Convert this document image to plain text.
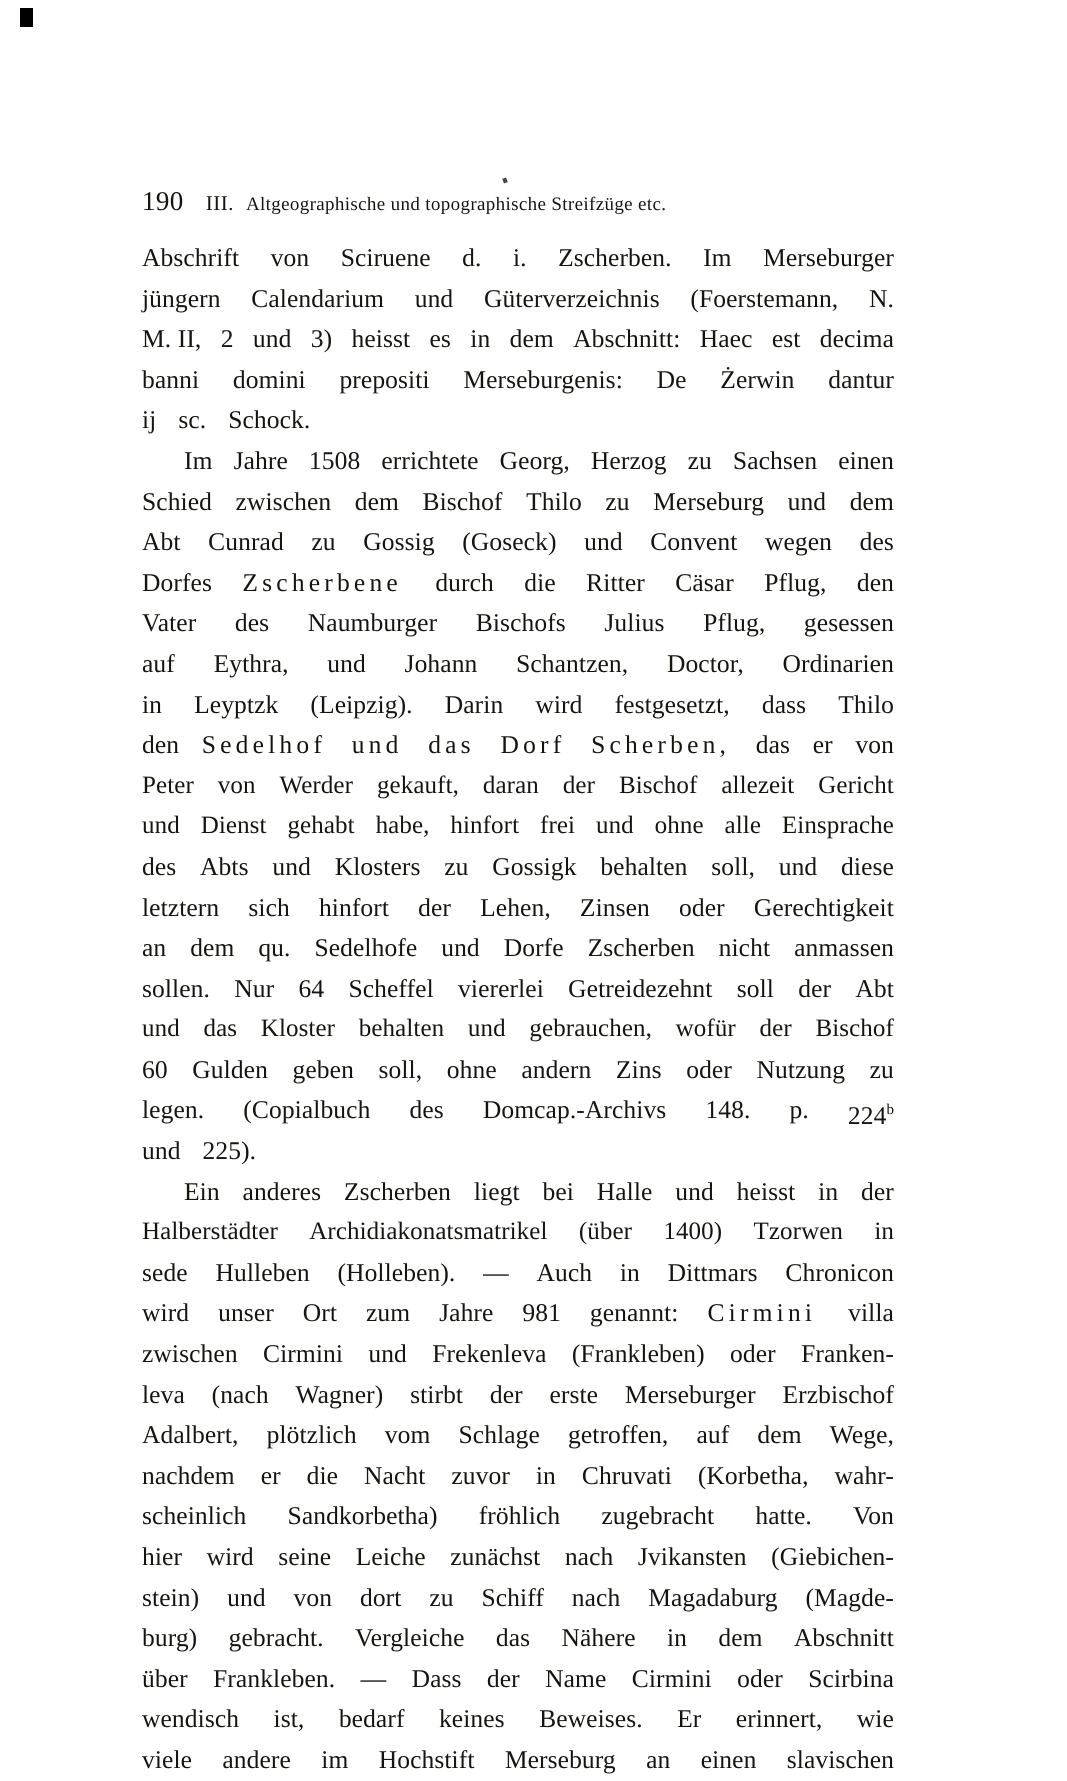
190 III. Altgeographische und topographische Streifzüge etc.
Abschrift von Sciruene d. i. Zscherben. Im Merseburger
jüngern Calendarium und Güterverzeichnis (Foerstemann, N.
M. II, 2 und 3) heisst es in dem Abschnitt: Haec est decima
banni domini prepositi Merseburgenis: De Żerwin dantur
ij sc. Schock.
Im Jahre 1508 errichtete Georg, Herzog zu Sachsen einen
Schied zwischen dem Bischof Thilo zu Merseburg und dem
Abt Cunrad zu Gossig (Goseck) und Convent wegen des
Dorfes Zscherbene durch die Ritter Cäsar Pflug, den
Vater des Naumburger Bischofs Julius Pflug, gesessen
auf Eythra, und Johann Schantzen, Doctor, Ordinarien
in Leyptzk (Leipzig). Darin wird festgesetzt, dass Thilo
den Sedelhof und das Dorf Scherben, das er von
Peter von Werder gekauft, daran der Bischof allezeit Gericht
und Dienst gehabt habe, hinfort frei und ohne alle Einsprache
des Abts und Klosters zu Gossigk behalten soll, und diese
letztern sich hinfort der Lehen, Zinsen oder Gerechtigkeit
an dem qu. Sedelhofe und Dorfe Zscherben nicht anmassen
sollen. Nur 64 Scheffel viererlei Getreidezehnt soll der Abt
und das Kloster behalten und gebrauchen, wofür der Bischof
60 Gulden geben soll, ohne andern Zins oder Nutzung zu
legen. (Copialbuch des Domcap.-Archivs 148. p. 224$^b$
und 225).
Ein anderes Zscherben liegt bei Halle und heisst in der
Halberstädter Archidiakonatsmatrikel (über 1400) Tzorwen in
sede Hulleben (Holleben). — Auch in Dittmars Chronicon
wird unser Ort zum Jahre 981 genannt: Cirmini villa
zwischen Cirmini und Frekenleva (Frankleben) oder Franken-
leva (nach Wagner) stirbt der erste Merseburger Erzbischof
Adalbert, plötzlich vom Schlage getroffen, auf dem Wege,
nachdem er die Nacht zuvor in Chruvati (Korbetha, wahr-
scheinlich Sandkorbetha) fröhlich zugebracht hatte. Von
hier wird seine Leiche zunächst nach Jvikansten (Giebichen-
stein) und von dort zu Schiff nach Magadaburg (Magde-
burg) gebracht. Vergleiche das Nähere in dem Abschnitt
über Frankleben. — Dass der Name Cirmini oder Scirbina
wendisch ist, bedarf keines Beweises. Er erinnert, wie
viele andere im Hochstift Merseburg an einen slavischen
